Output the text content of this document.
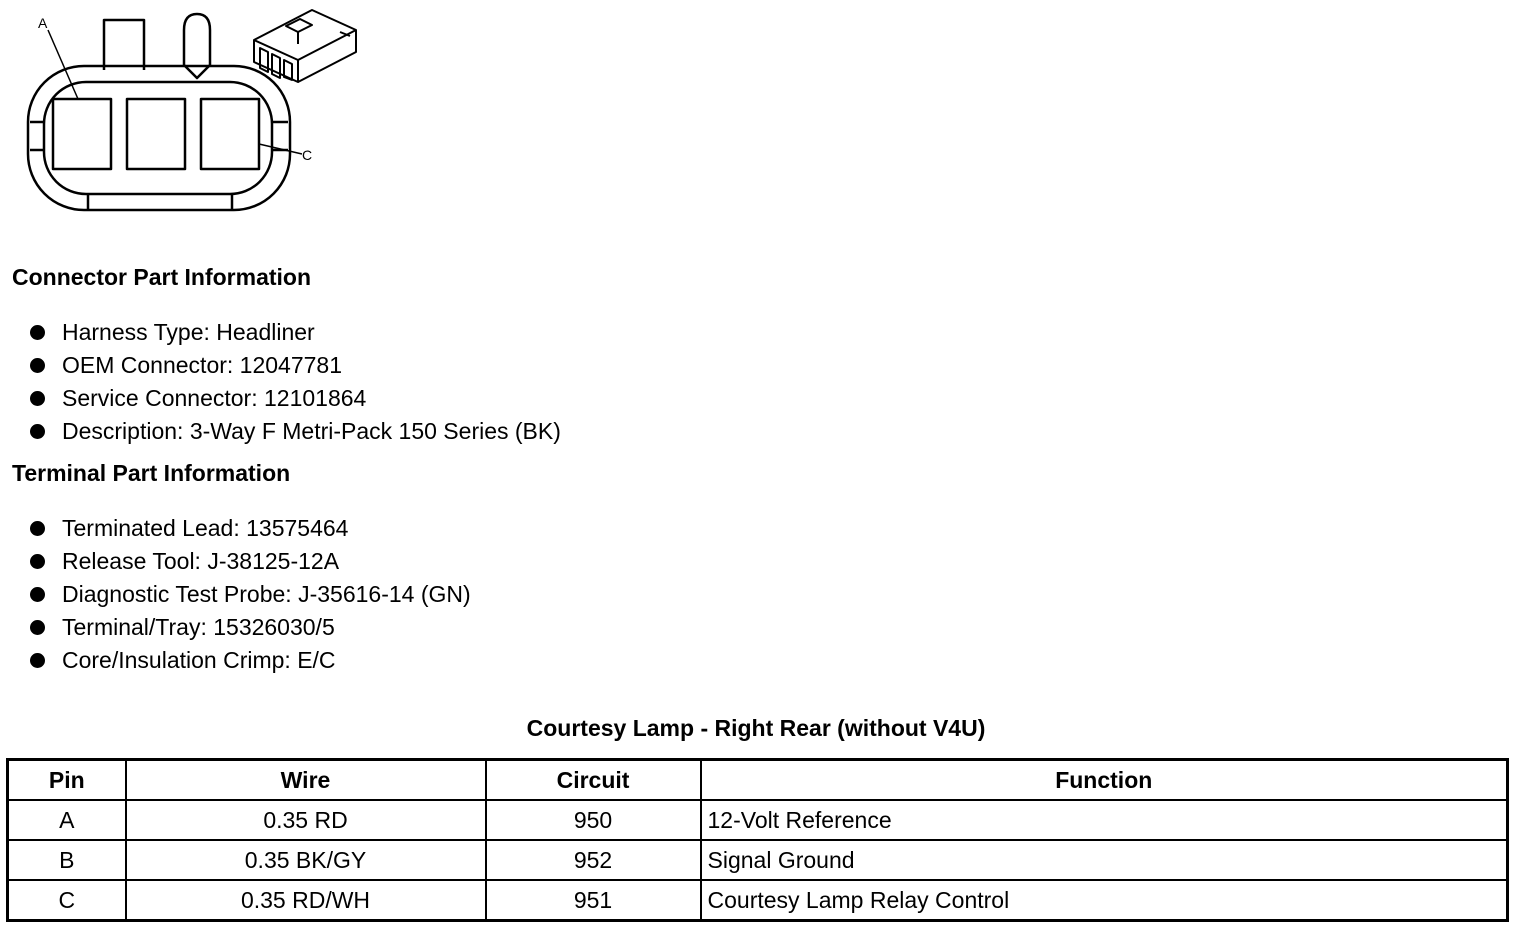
A
C
Connector Part Information
Harness Type: Headliner
OEM Connector: 12047781
Service Connector: 12101864
Description: 3-Way F Metri-Pack 150 Series (BK)
Terminal Part Information
Terminated Lead: 13575464
Release Tool: J-38125-12A
Diagnostic Test Probe: J-35616-14 (GN)
Terminal/Tray: 15326030/5
Core/Insulation Crimp: E/C
Courtesy Lamp - Right Rear (without V4U)
Pin	Wire	Circuit	Function
A	0.35 RD	950	12-Volt Reference
B	0.35 BK/GY	952	Signal Ground
C	0.35 RD/WH	951	Courtesy Lamp Relay Control
